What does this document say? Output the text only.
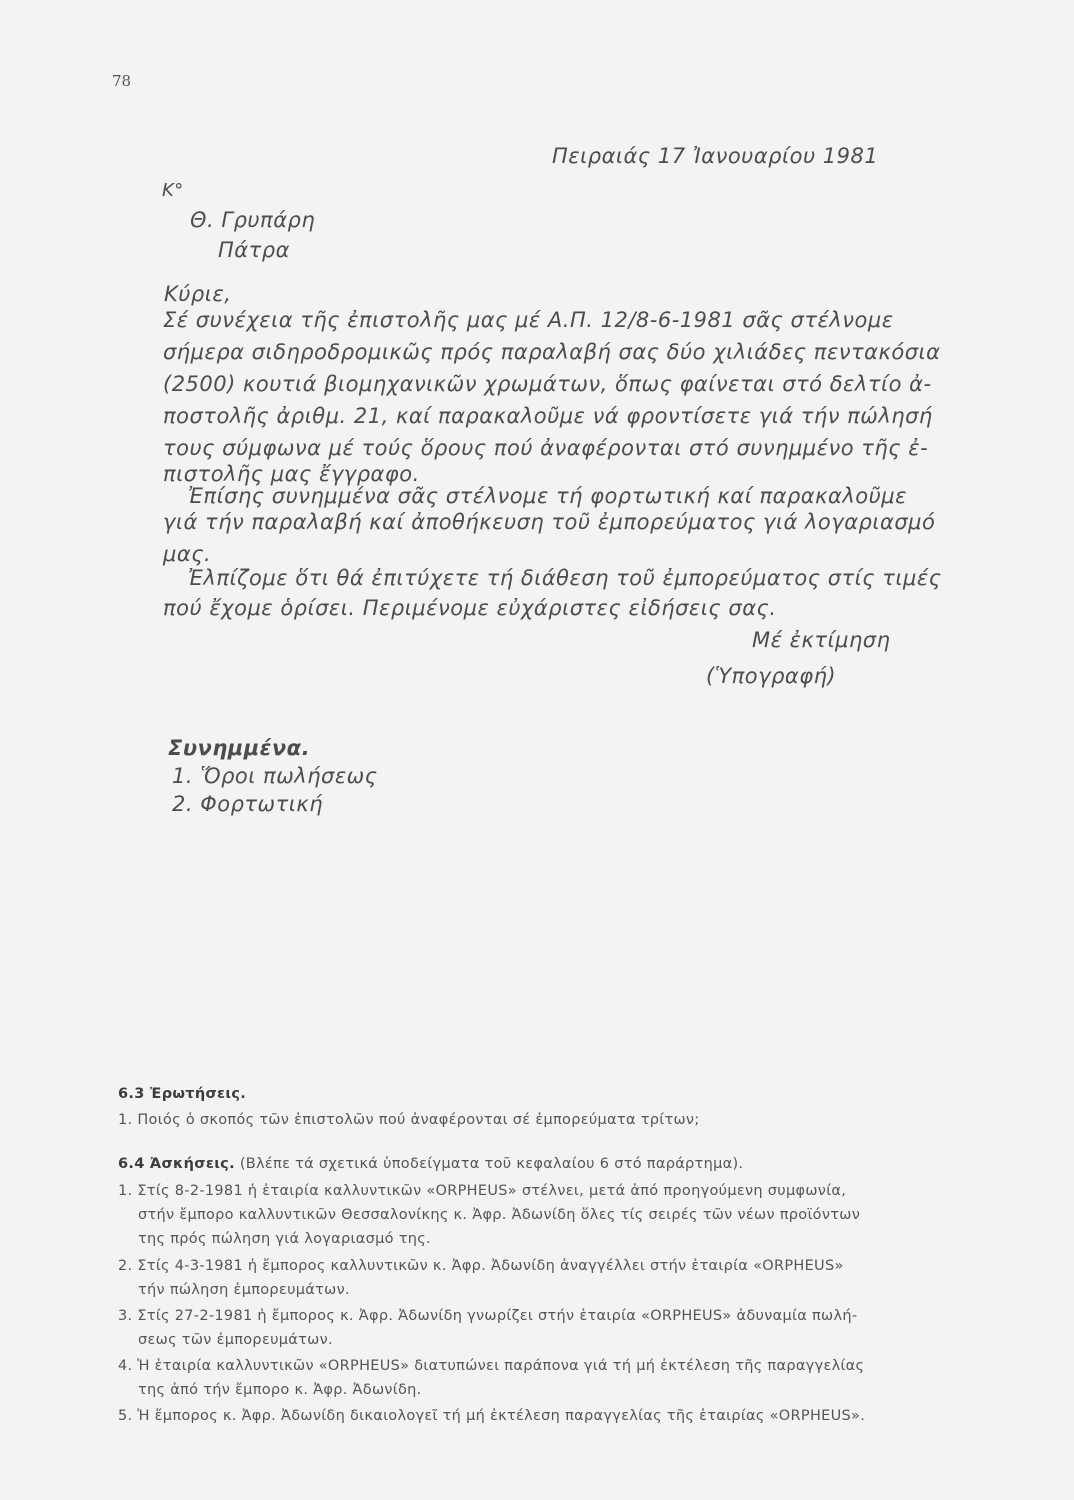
78
Πειραιάς 17 Ἰανουαρίου 1981
Κ°
Θ. Γρυπάρη
Πάτρα
Κύριε,
Σέ συνέχεια τῆς ἐπιστολῆς μας μέ Α.Π. 12/8-6-1981 σᾶς στέλνομε
σήμερα σιδηροδρομικῶς πρός παραλαβή σας δύο χιλιάδες πεντακόσια
(2500) κουτιά βιομηχανικῶν χρωμάτων, ὅπως φαίνεται στό δελτίο ἀ-
ποστολῆς ἀριθμ. 21, καί παρακαλοῦμε νά φροντίσετε γιά τήν πώλησή
τους σύμφωνα μέ τούς ὅρους πού ἀναφέρονται στό συνημμένο τῆς ἐ-
πιστολῆς μας ἔγγραφο.
Ἐπίσης συνημμένα σᾶς στέλνομε τή φορτωτική καί παρακαλοῦμε
γιά τήν παραλαβή καί ἀποθήκευση τοῦ ἐμπορεύματος γιά λογαριασμό
μας.
Ἐλπίζομε ὅτι θά ἐπιτύχετε τή διάθεση τοῦ ἐμπορεύματος στίς τιμές
πού ἔχομε ὁρίσει. Περιμένομε εὐχάριστες εἰδήσεις σας.
Μέ ἐκτίμηση
(Ὑπογραφή)
Συνημμένα.
1. Ὅροι πωλήσεως
2. Φορτωτική
6.3 Ἐρωτήσεις.
1. Ποιός ὁ σκοπός τῶν ἐπιστολῶν πού ἀναφέρονται σέ ἐμπορεύματα τρίτων;
6.4 Ἀσκήσεις. (Βλέπε τά σχετικά ὑποδείγματα τοῦ κεφαλαίου 6 στό παράρτημα).
1. Στίς 8-2-1981 ἡ ἑταιρία καλλυντικῶν «ORPHEUS» στέλνει, μετά ἀπό προηγούμενη συμφωνία,
στήν ἔμπορο καλλυντικῶν Θεσσαλονίκης κ. Ἀφρ. Ἀδωνίδη ὅλες τίς σειρές τῶν νέων προϊόντων
της πρός πώληση γιά λογαριασμό της.
2. Στίς 4-3-1981 ἡ ἔμπορος καλλυντικῶν κ. Ἀφρ. Ἀδωνίδη ἀναγγέλλει στήν ἑταιρία «ORPHEUS»
τήν πώληση ἐμπορευμάτων.
3. Στίς 27-2-1981 ἡ ἔμπορος κ. Ἀφρ. Ἀδωνίδη γνωρίζει στήν ἑταιρία «ORPHEUS» ἀδυναμία πωλή-
σεως τῶν ἐμπορευμάτων.
4. Ἡ ἑταιρία καλλυντικῶν «ORPHEUS» διατυπώνει παράπονα γιά τή μή ἐκτέλεση τῆς παραγγελίας
της ἀπό τήν ἔμπορο κ. Ἀφρ. Ἀδωνίδη.
5. Ἡ ἔμπορος κ. Ἀφρ. Ἀδωνίδη δικαιολογεῖ τή μή ἐκτέλεση παραγγελίας τῆς ἑταιρίας «ORPHEUS».
